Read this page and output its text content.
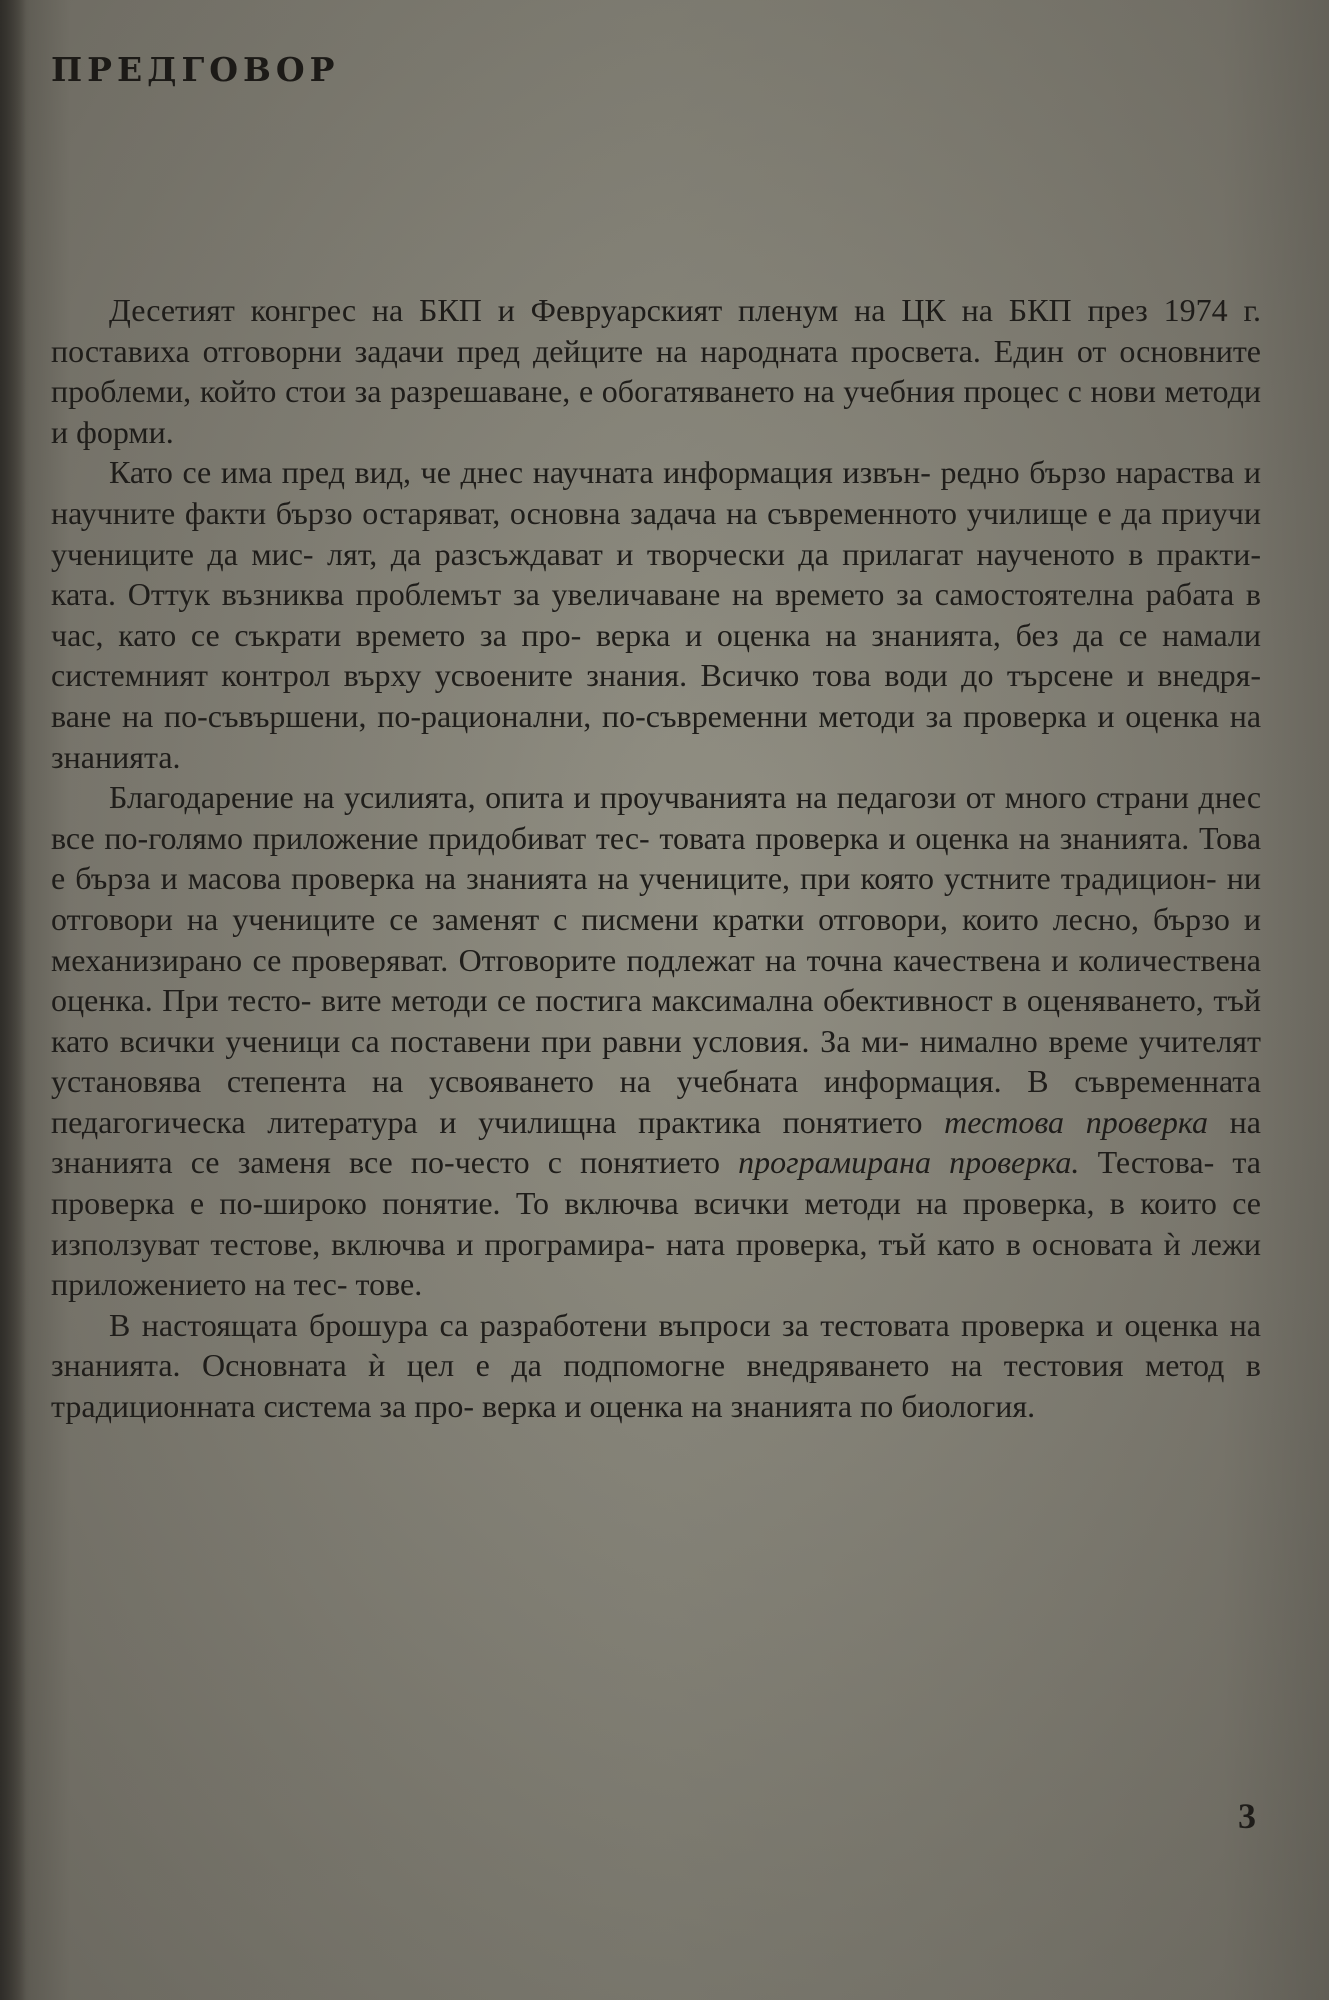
ПРЕДГОВОР

Десетият конгрес на БКП и Февруарският пленум на ЦК на БКП през 1974 г. поставиха отговорни задачи пред дейците на народната просвета. Един от основните проблеми, който стои за разрешаване, е обогатяването на учебния процес с нови методи и форми.

Като се има пред вид, че днес научната информация извън- редно бързо нараства и научните факти бързо остаряват, основна задача на съвременното училище е да приучи учениците да мис- лят, да разсъждават и творчески да прилагат наученото в практи- ката. Оттук възниква проблемът за увеличаване на времето за самостоятелна рабата в час, като се съкрати времето за про- верка и оценка на знанията, без да се намали системният контрол върху усвоените знания. Всичко това води до търсене и внедря- ване на по-съвършени, по-рационални, по-съвременни методи за проверка и оценка на знанията.

Благодарение на усилията, опита и проучванията на педагози от много страни днес все по-голямо приложение придобиват тес- товата проверка и оценка на знанията. Това е бърза и масова проверка на знанията на учениците, при която устните традицион- ни отговори на учениците се заменят с писмени кратки отговори, които лесно, бързо и механизирано се проверяват. Отговорите подлежат на точна качествена и количествена оценка. При тесто- вите методи се постига максимална обективност в оценяването, тъй като всички ученици са поставени при равни условия. За ми- нимално време учителят установява степента на усвояването на учебната информация. В съвременната педагогическа литература и училищна практика понятието тестова проверка на знанията се заменя все по-често с понятието програмирана проверка. Тестова- та проверка е по-широко понятие. То включва всички методи на проверка, в които се използуват тестове, включва и програмира- ната проверка, тъй като в основата ѝ лежи приложението на тес- тове.

В настоящата брошура са разработени въпроси за тестовата проверка и оценка на знанията. Основната ѝ цел е да подпомогне внедряването на тестовия метод в традиционната система за про- верка и оценка на знанията по биология.

3
